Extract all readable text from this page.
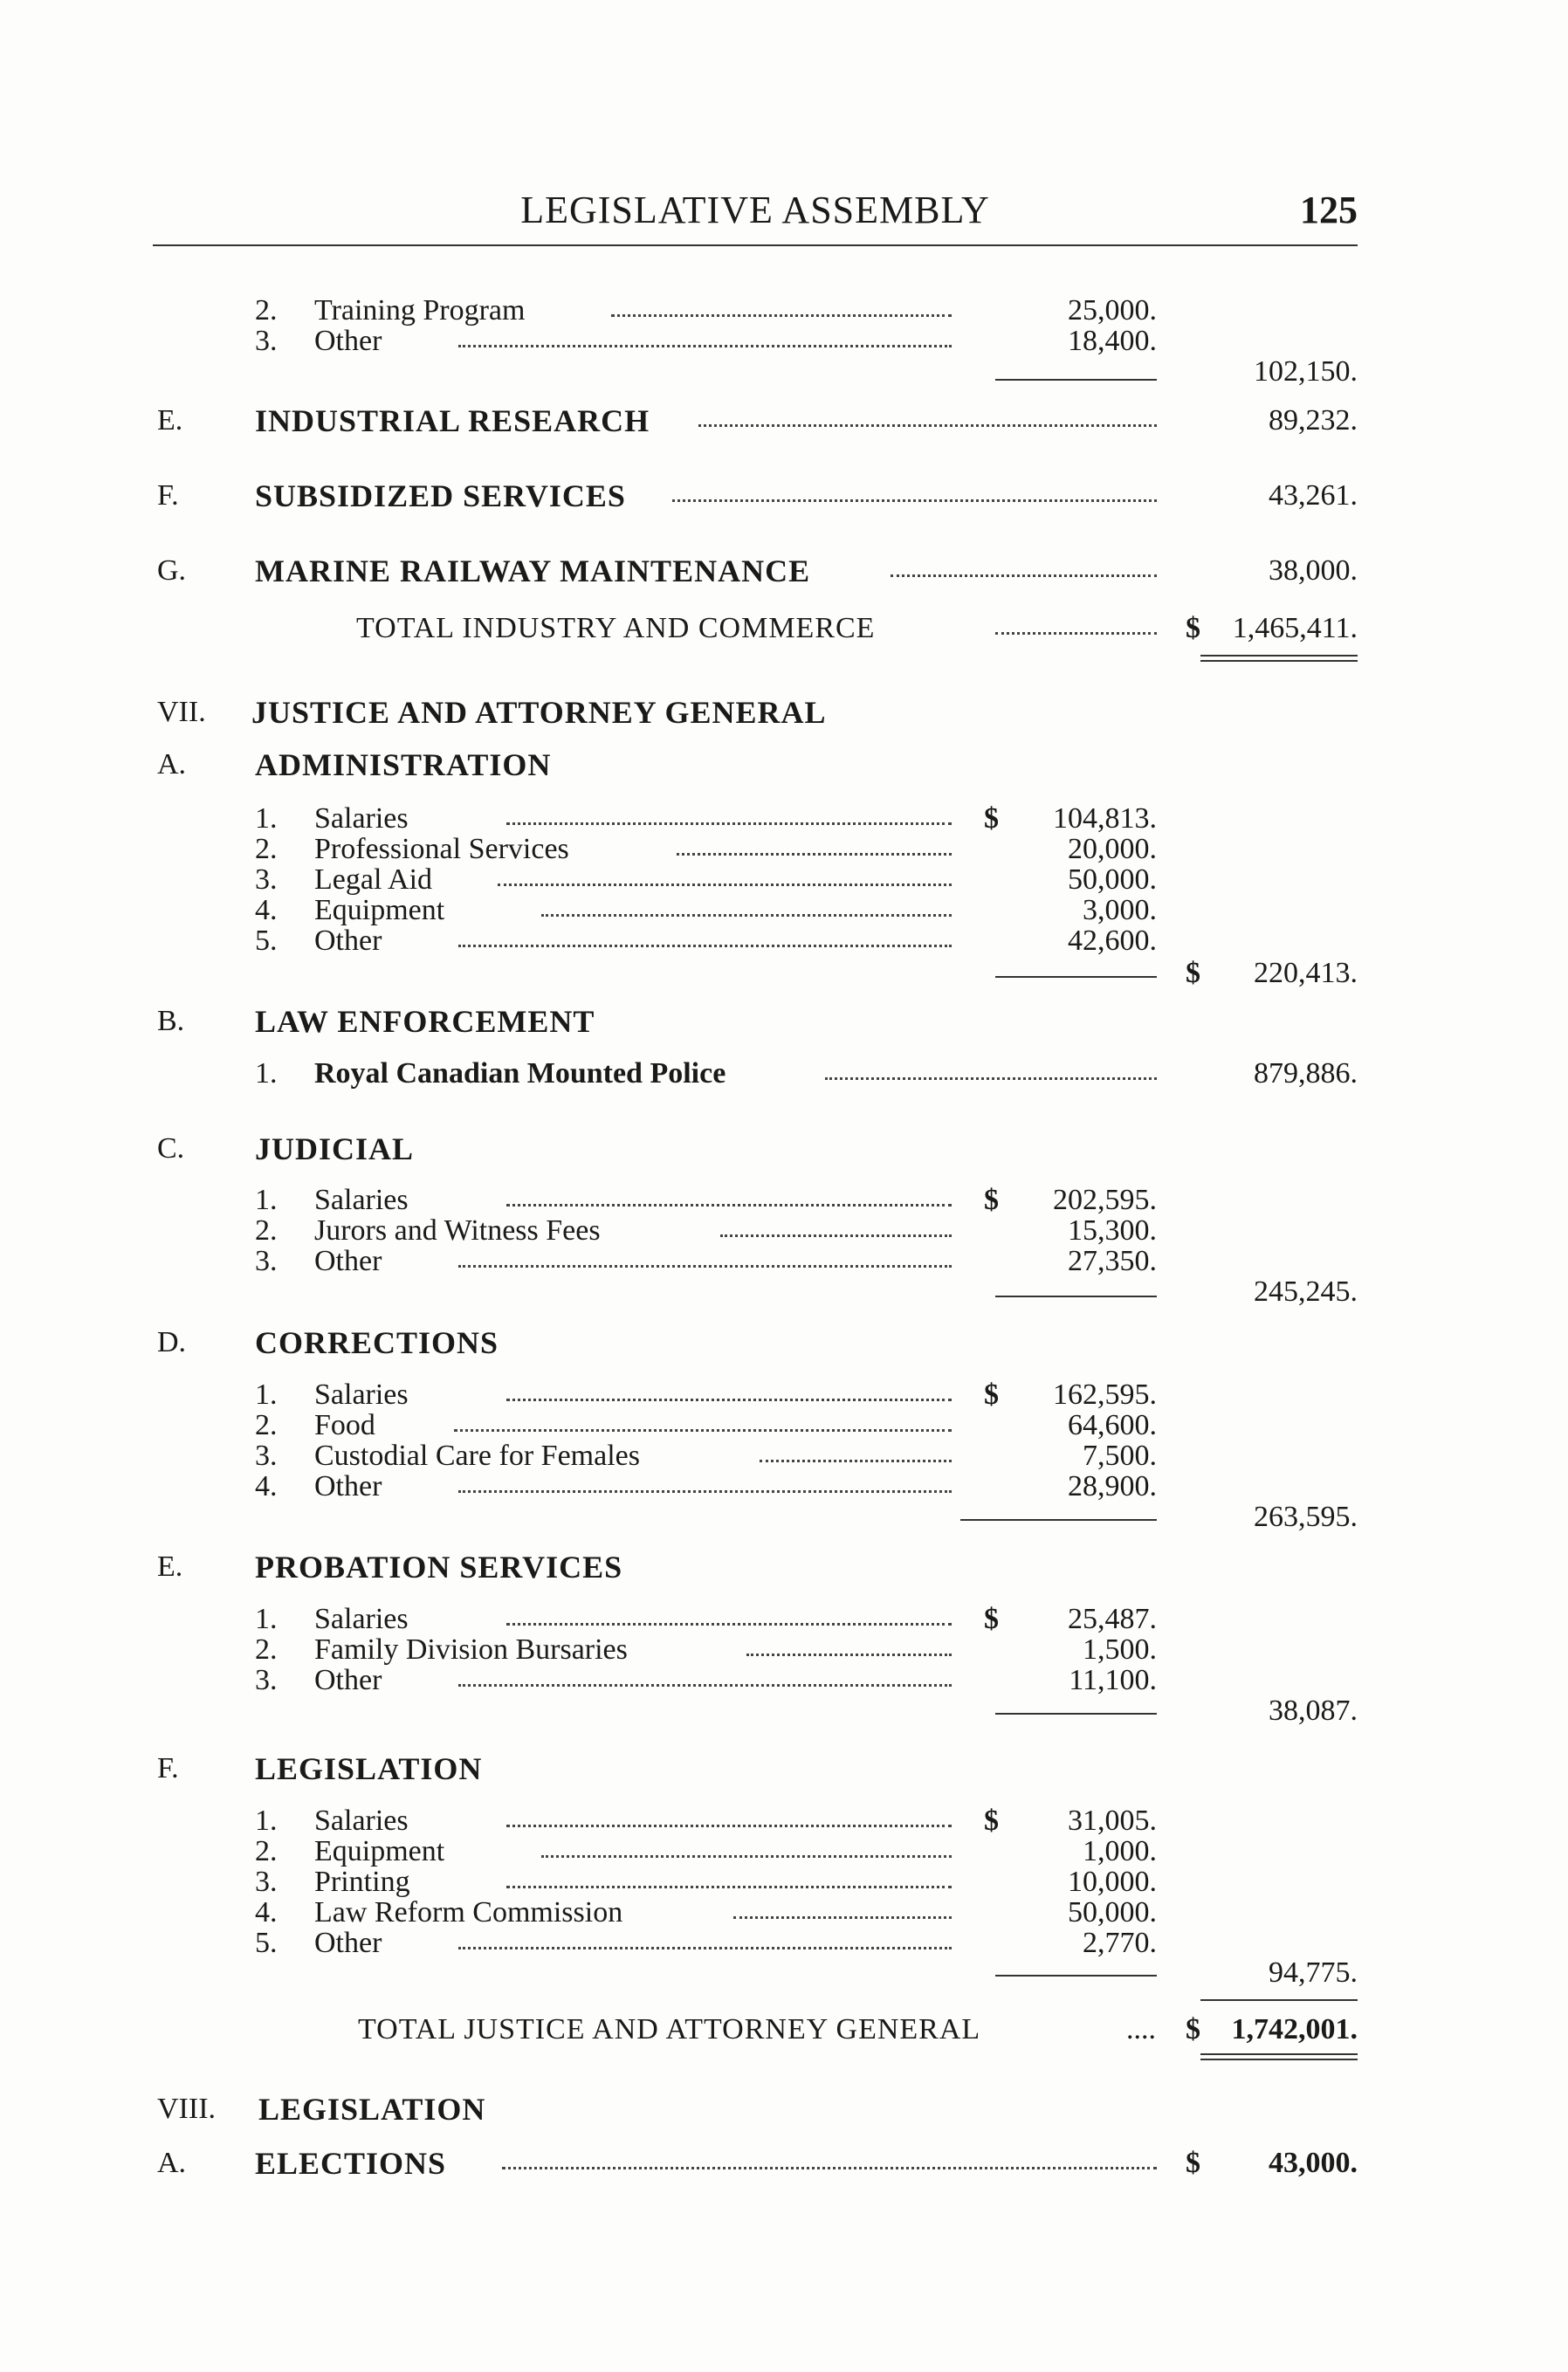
LEGISLATIVE ASSEMBLY	125
2.	Training Program	25,000.
3.	Other	18,400.
102,150.
E. INDUSTRIAL RESEARCH	89,232.
F. SUBSIDIZED SERVICES	43,261.
G. MARINE RAILWAY MAINTENANCE	38,000.
TOTAL INDUSTRY AND COMMERCE	$	1,465,411.
VII. JUSTICE AND ATTORNEY GENERAL
A. ADMINISTRATION
1.	Salaries	$	104,813.
2.	Professional Services	20,000.
3.	Legal Aid	50,000.
4.	Equipment	3,000.
5.	Other	42,600.
$	220,413.
B. LAW ENFORCEMENT
1.	Royal Canadian Mounted Police	879,886.
C. JUDICIAL
1.	Salaries	$	202,595.
2.	Jurors and Witness Fees	15,300.
3.	Other	27,350.
245,245.
D. CORRECTIONS
1.	Salaries	$	162,595.
2.	Food	64,600.
3.	Custodial Care for Females	7,500.
4.	Other	28,900.
263,595.
E. PROBATION SERVICES
1.	Salaries	$	25,487.
2.	Family Division Bursaries	1,500.
3.	Other	11,100.
38,087.
F. LEGISLATION
1.	Salaries	$	31,005.
2.	Equipment	1,000.
3.	Printing	10,000.
4.	Law Reform Commission	50,000.
5.	Other	2,770.
94,775.
TOTAL JUSTICE AND ATTORNEY GENERAL	.... $	1,742,001.
VIII. LEGISLATION
A. ELECTIONS	$	43,000.
